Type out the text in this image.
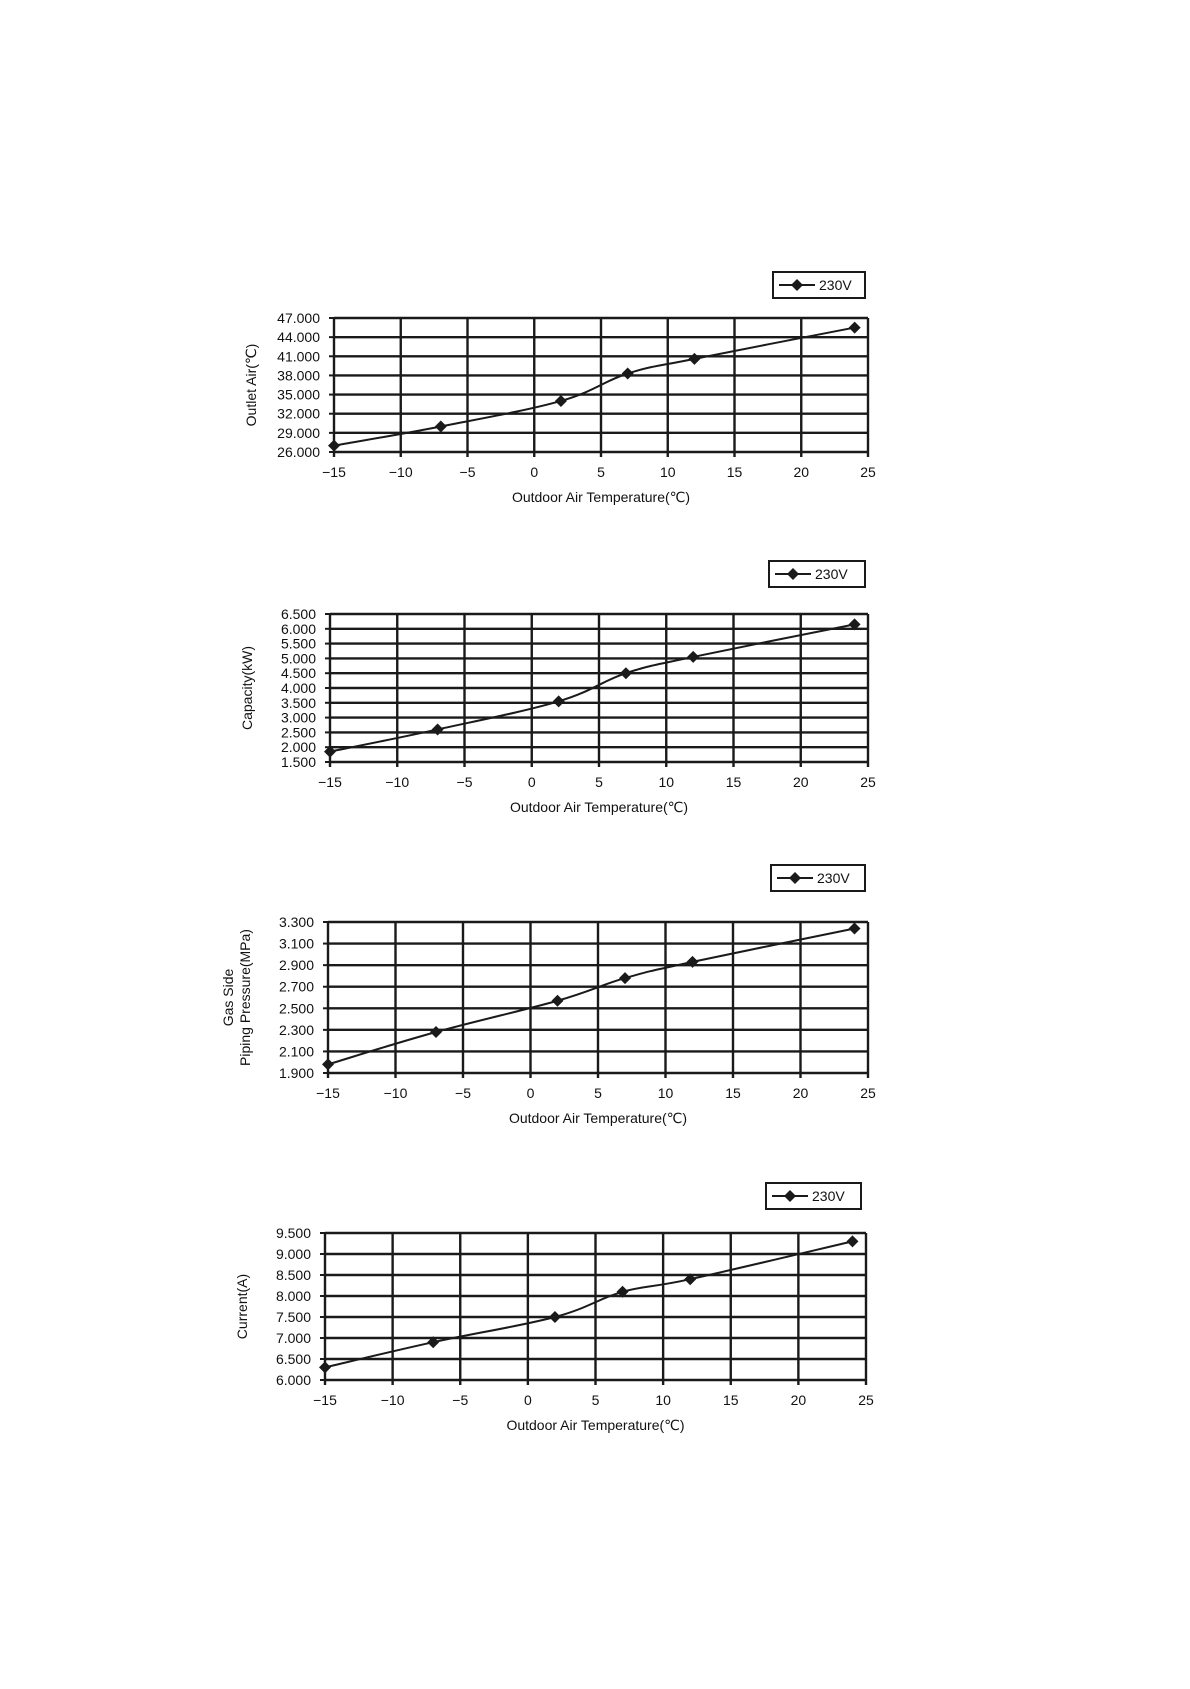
47.000
44.000
41.000
38.000
35.000
32.000
29.000
26.000
−15	−10	−5	0	5	10	15	20	25
Outdoor Air Temperature(℃)
Outlet Air(℃)
230V
6.500
6.000
5.500
5.000
4.500
4.000
3.500
3.000
2.500
2.000
1.500
−15	−10	−5	0	5	10	15	20	25
Outdoor Air Temperature(℃)
Capacity(kW)
230V
3.300
3.100
2.900
2.700
2.500
2.300
2.100
1.900
−15	−10	−5	0	5	10	15	20	25
Outdoor Air Temperature(℃)
Gas Side Piping Pressure(MPa)
230V
9.500
9.000
8.500
8.000
7.500
7.000
6.500
6.000
−15	−10	−5	0	5	10	15	20	25
Outdoor Air Temperature(℃)
Current(A)
230V
